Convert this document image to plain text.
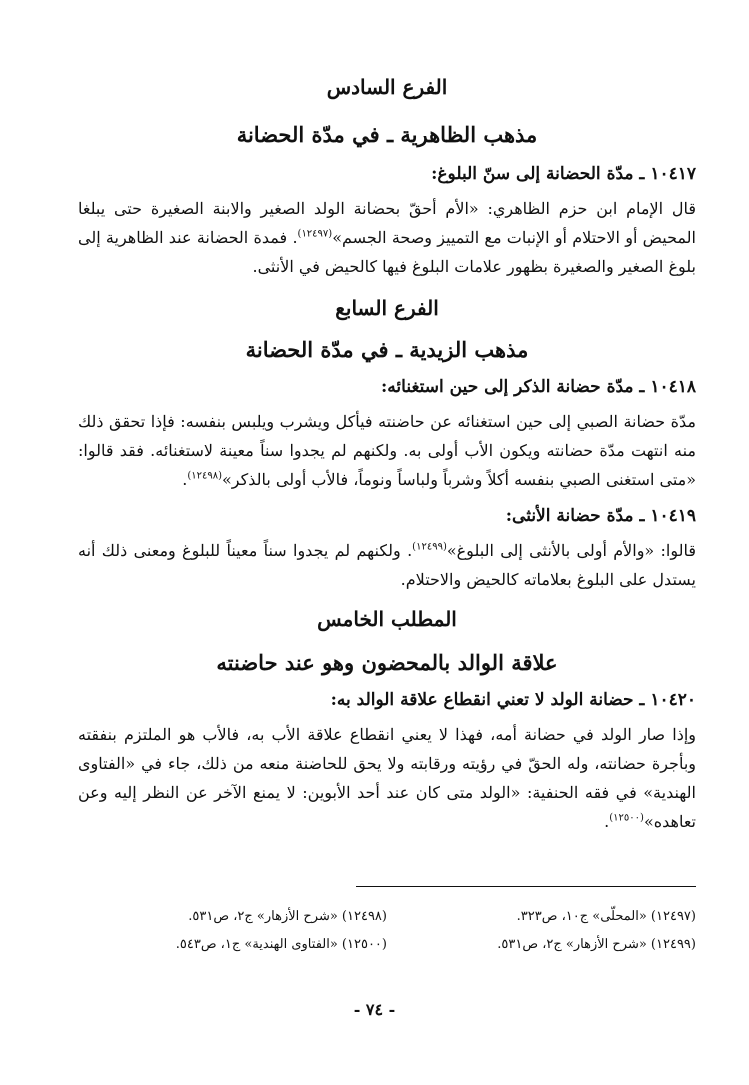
الفرع السادس
مذهب الظاهرية ـ في مدّة الحضانة
١٠٤١٧ ـ مدّة الحضانة إلى سنّ البلوغ:

قال الإمام ابن حزم الظاهري: «الأم أحقّ بحضانة الولد الصغير والابنة الصغيرة حتى يبلغا المحيض أو الاحتلام أو الإنبات مع التمييز وصحة الجسم»$^{(١٢٤٩٧)}$. فمدة الحضانة عند الظاهرية إلى بلوغ الصغير والصغيرة بظهور علامات البلوغ فيها كالحيض في الأنثى.

الفرع السابع
مذهب الزيدية ـ في مدّة الحضانة
١٠٤١٨ ـ مدّة حضانة الذكر إلى حين استغنائه:

مدّة حضانة الصبي إلى حين استغنائه عن حاضنته فيأكل ويشرب ويلبس بنفسه: فإذا تحقق ذلك منه انتهت مدّة حضانته ويكون الأب أولى به. ولكنهم لم يجدوا سناً معينة لاستغنائه. فقد قالوا: «متى استغنى الصبي بنفسه أكلاً وشرباً ولباساً ونوماً، فالأب أولى بالذكر»$^{(١٢٤٩٨)}$.

١٠٤١٩ ـ مدّة حضانة الأنثى:

قالوا: «والأم أولى بالأنثى إلى البلوغ»$^{(١٢٤٩٩)}$. ولكنهم لم يجدوا سناً معيناً للبلوغ ومعنى ذلك أنه يستدل على البلوغ بعلاماته كالحيض والاحتلام.

المطلب الخامس
علاقة الوالد بالمحضون وهو عند حاضنته
١٠٤٢٠ ـ حضانة الولد لا تعني انقطاع علاقة الوالد به:

وإذا صار الولد في حضانة أمه، فهذا لا يعني انقطاع علاقة الأب به، فالأب هو الملتزم بنفقته وبأجرة حضانته، وله الحقّ في رؤيته ورقابته ولا يحق للحاضنة منعه من ذلك، جاء في «الفتاوى الهندية» في فقه الحنفية: «الولد متى كان عند أحد الأبوين: لا يمنع الآخر عن النظر إليه وعن تعاهده»$^{(١٢٥٠٠)}$.

(١٢٤٩٧) «المحلّى» ج١٠، ص٣٢٣.
(١٢٤٩٨) «شرح الأزهار» ج٢، ص٥٣١.
(١٢٤٩٩) «شرح الأزهار» ج٢، ص٥٣١.
(١٢٥٠٠) «الفتاوى الهندية» ج١، ص٥٤٣.
- ٧٤ -
